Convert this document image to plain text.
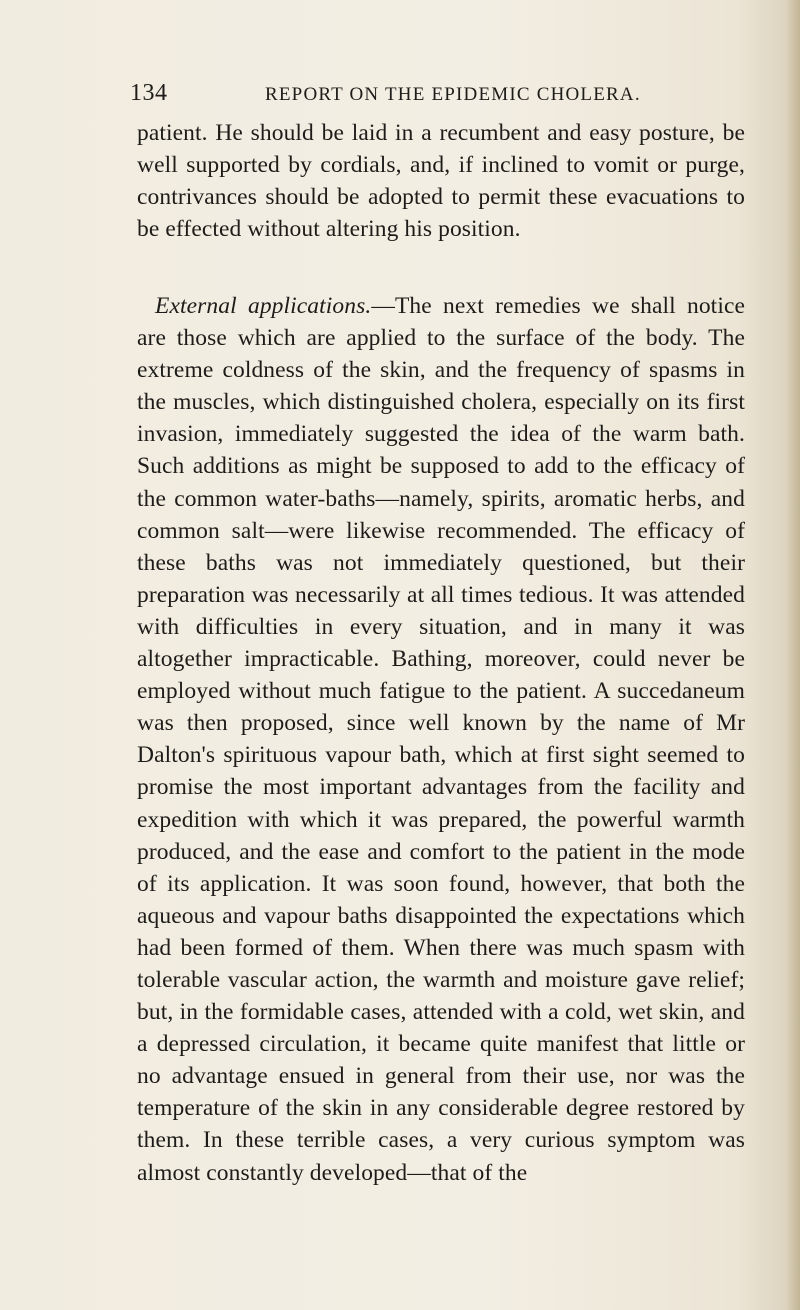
134	REPORT ON THE EPIDEMIC CHOLERA.

patient. He should be laid in a recumbent and easy posture, be well supported by cordials, and, if inclined to vomit or purge, contrivances should be adopted to permit these evacuations to be effected without altering his position.

External applications.—The next remedies we shall notice are those which are applied to the surface of the body. The extreme coldness of the skin, and the frequency of spasms in the muscles, which distinguished cholera, especially on its first invasion, immediately suggested the idea of the warm bath. Such additions as might be supposed to add to the efficacy of the common water-baths—namely, spirits, aromatic herbs, and common salt—were likewise recommended. The efficacy of these baths was not immediately questioned, but their preparation was necessarily at all times tedious. It was attended with difficulties in every situation, and in many it was altogether impracticable. Bathing, moreover, could never be employed without much fatigue to the patient. A succedaneum was then proposed, since well known by the name of Mr Dalton's spirituous vapour bath, which at first sight seemed to promise the most important advantages from the facility and expedition with which it was prepared, the powerful warmth produced, and the ease and comfort to the patient in the mode of its application. It was soon found, however, that both the aqueous and vapour baths disappointed the expectations which had been formed of them. When there was much spasm with tolerable vascular action, the warmth and moisture gave relief; but, in the formidable cases, attended with a cold, wet skin, and a depressed circulation, it became quite manifest that little or no advantage ensued in general from their use, nor was the temperature of the skin in any considerable degree restored by them. In these terrible cases, a very curious symptom was almost constantly developed—that of the
